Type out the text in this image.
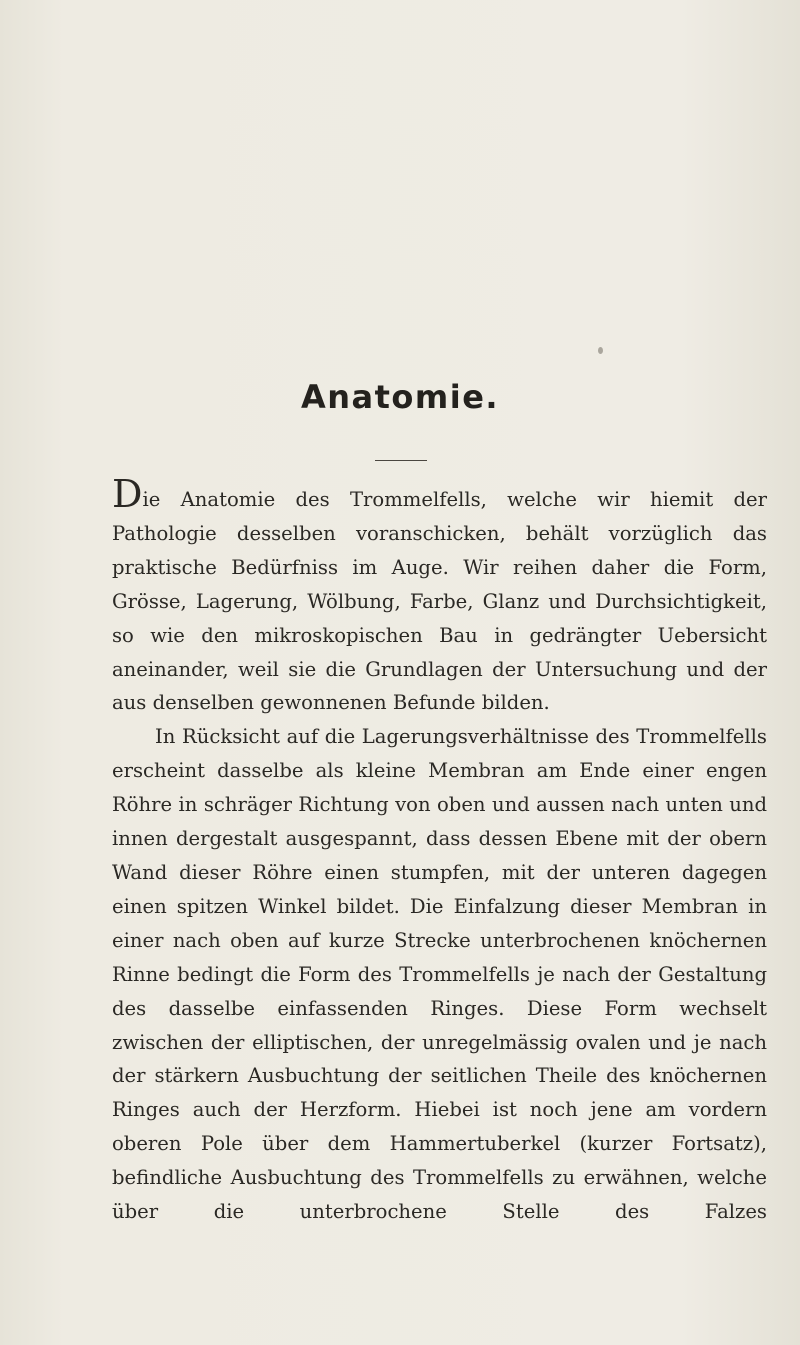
Anatomie.

Die Anatomie des Trommelfells, welche wir hiemit der Pathologie desselben voranschicken, behält vorzüglich das praktische Bedürfniss im Auge. Wir reihen daher die Form, Grösse, Lagerung, Wölbung, Farbe, Glanz und Durchsichtigkeit, so wie den mikroskopischen Bau in gedrängter Uebersicht aneinander, weil sie die Grundlagen der Untersuchung und der aus denselben gewonnenen Befunde bilden.

In Rücksicht auf die Lagerungsverhältnisse des Trommelfells erscheint dasselbe als kleine Membran am Ende einer engen Röhre in schräger Richtung von oben und aussen nach unten und innen dergestalt ausgespannt, dass dessen Ebene mit der obern Wand dieser Röhre einen stumpfen, mit der unteren dagegen einen spitzen Winkel bildet. Die Einfalzung dieser Membran in einer nach oben auf kurze Strecke unterbrochenen knöchernen Rinne bedingt die Form des Trommelfells je nach der Gestaltung des dasselbe einfassenden Ringes. Diese Form wechselt zwischen der elliptischen, der unregelmässig ovalen und je nach der stärkern Ausbuchtung der seitlichen Theile des knöchernen Ringes auch der Herzform. Hiebei ist noch jene am vordern oberen Pole über dem Hammertuberkel (kurzer Fortsatz), befindliche Ausbuchtung des Trommelfells zu erwähnen, welche über die unterbrochene Stelle des Falzes
